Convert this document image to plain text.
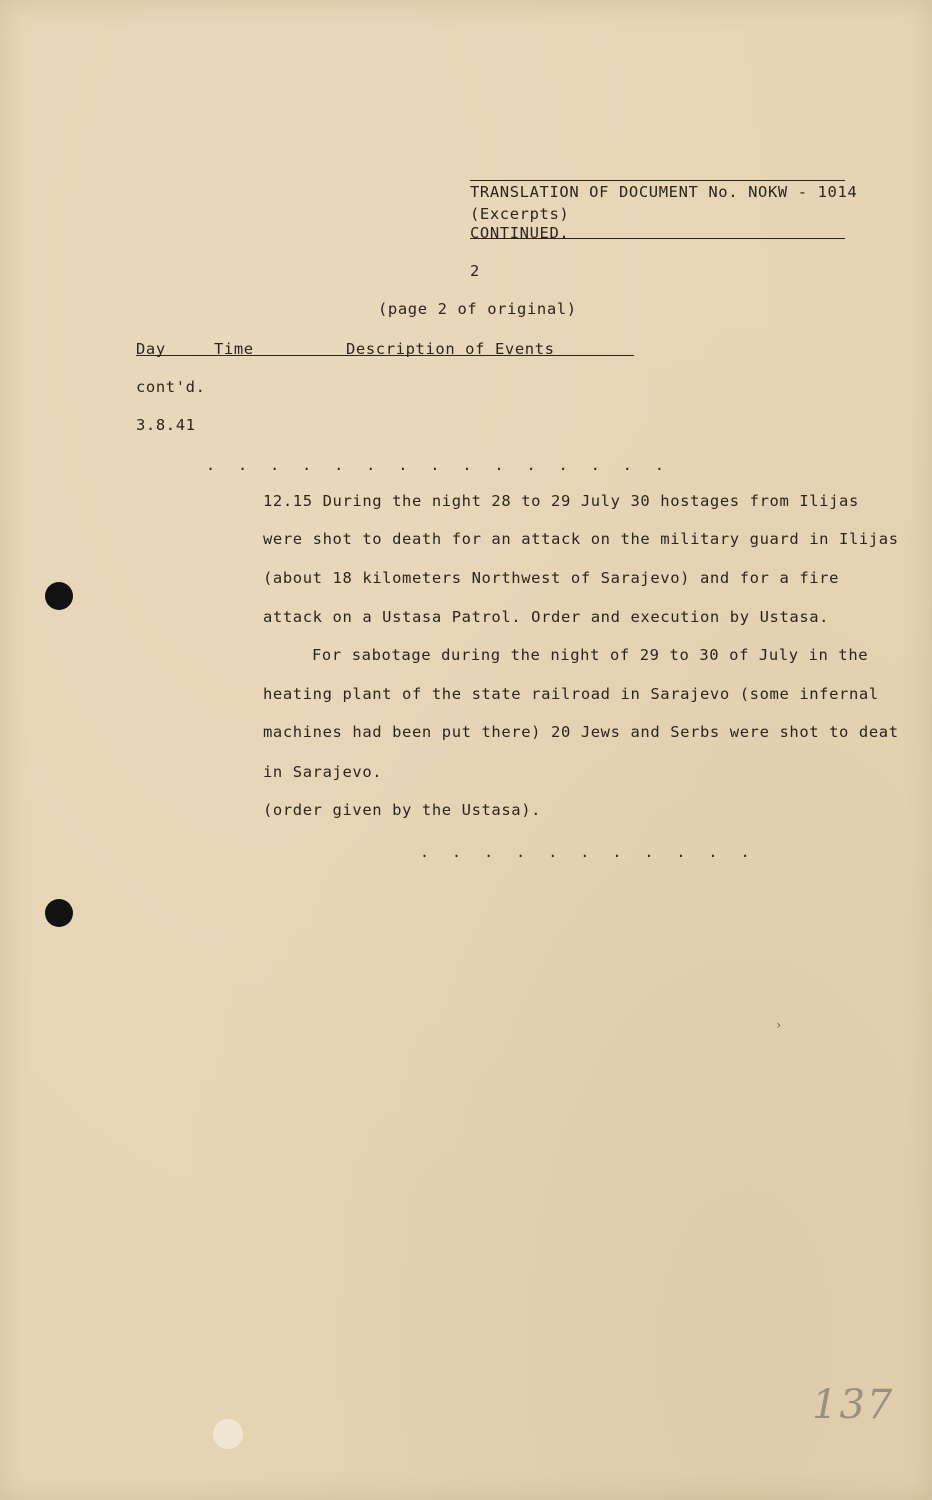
TRANSLATION OF DOCUMENT No. NOKW - 1014
(Excerpts)
CONTINUED.
2
(page 2 of original)
Day	Time	Description of Events
cont'd.
3.8.41
. . . . . . . . . . . . . . .
12.15 During the night 28 to 29 July 30 hostages from Ilijas
were shot to death for an attack on the military guard in Ilijas
(about 18 kilometers Northwest of Sarajevo) and for a fire
attack on a Ustasa Patrol. Order and execution by Ustasa.
For sabotage during the night of 29 to 30 of July in the
heating plant of the state railroad in Sarajevo (some infernal
machines had been put there) 20 Jews and Serbs were shot to deat
in Sarajevo.
(order given by the Ustasa).
. . . . . . . . . . .
›
137
